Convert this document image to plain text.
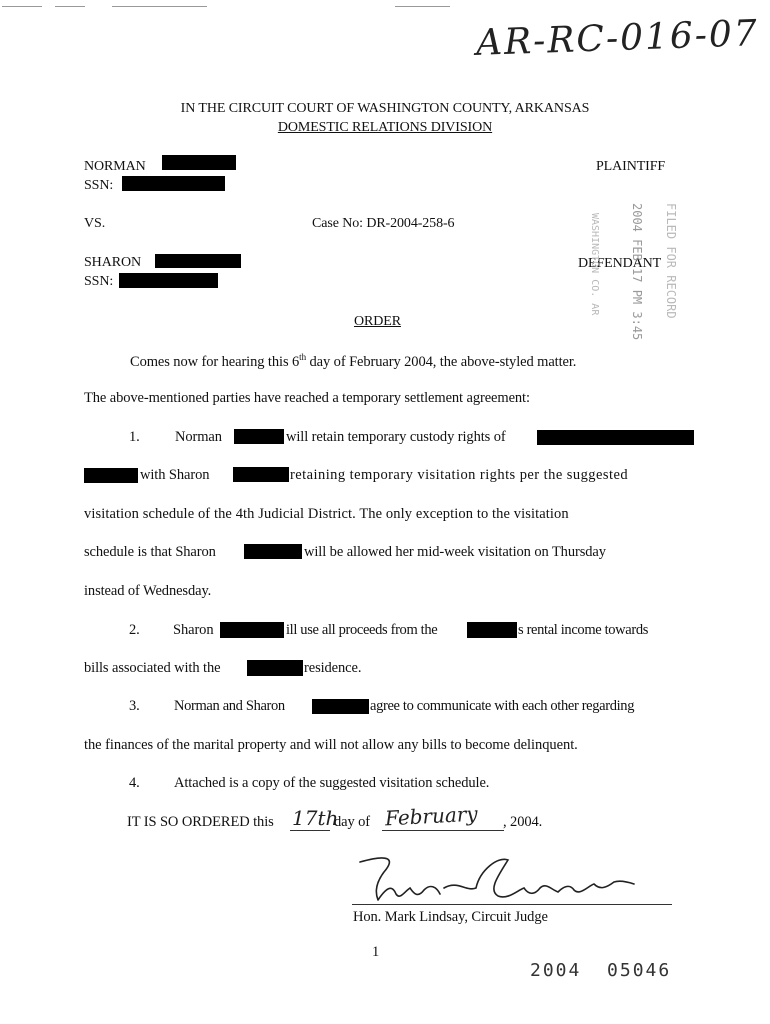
AR-RC-016-07
IN THE CIRCUIT COURT OF WASHINGTON COUNTY, ARKANSAS
DOMESTIC RELATIONS DIVISION
NORMAN
SSN:
PLAINTIFF
VS.	Case No: DR-2004-258-6
SHARON
SSN:
DEFENDANT FILED FOR RECORD
2004 FEB 17 PM 3:45
WASHINGTON CO. AR
ORDER
Comes now for hearing this 6th day of February 2004, the above-styled matter.
The above-mentioned parties have reached a temporary settlement agreement:
1. Norman	will retain temporary custody rights of
with Sharon	retaining temporary visitation rights per the suggested
visitation schedule of the 4th Judicial District. The only exception to the visitation
schedule is that Sharon	will be allowed her mid-week visitation on Thursday
instead of Wednesday.
2. Sharon	ill use all proceeds from the	s rental income towards
bills associated with the	residence.
3. Norman and Sharon	agree to communicate with each other regarding
the finances of the marital property and will not allow any bills to become delinquent.
4. Attached is a copy of the suggested visitation schedule.
IT IS SO ORDERED this 17th
day of February , 2004.
Hon. Mark Lindsay, Circuit Judge
1
2004  05046
